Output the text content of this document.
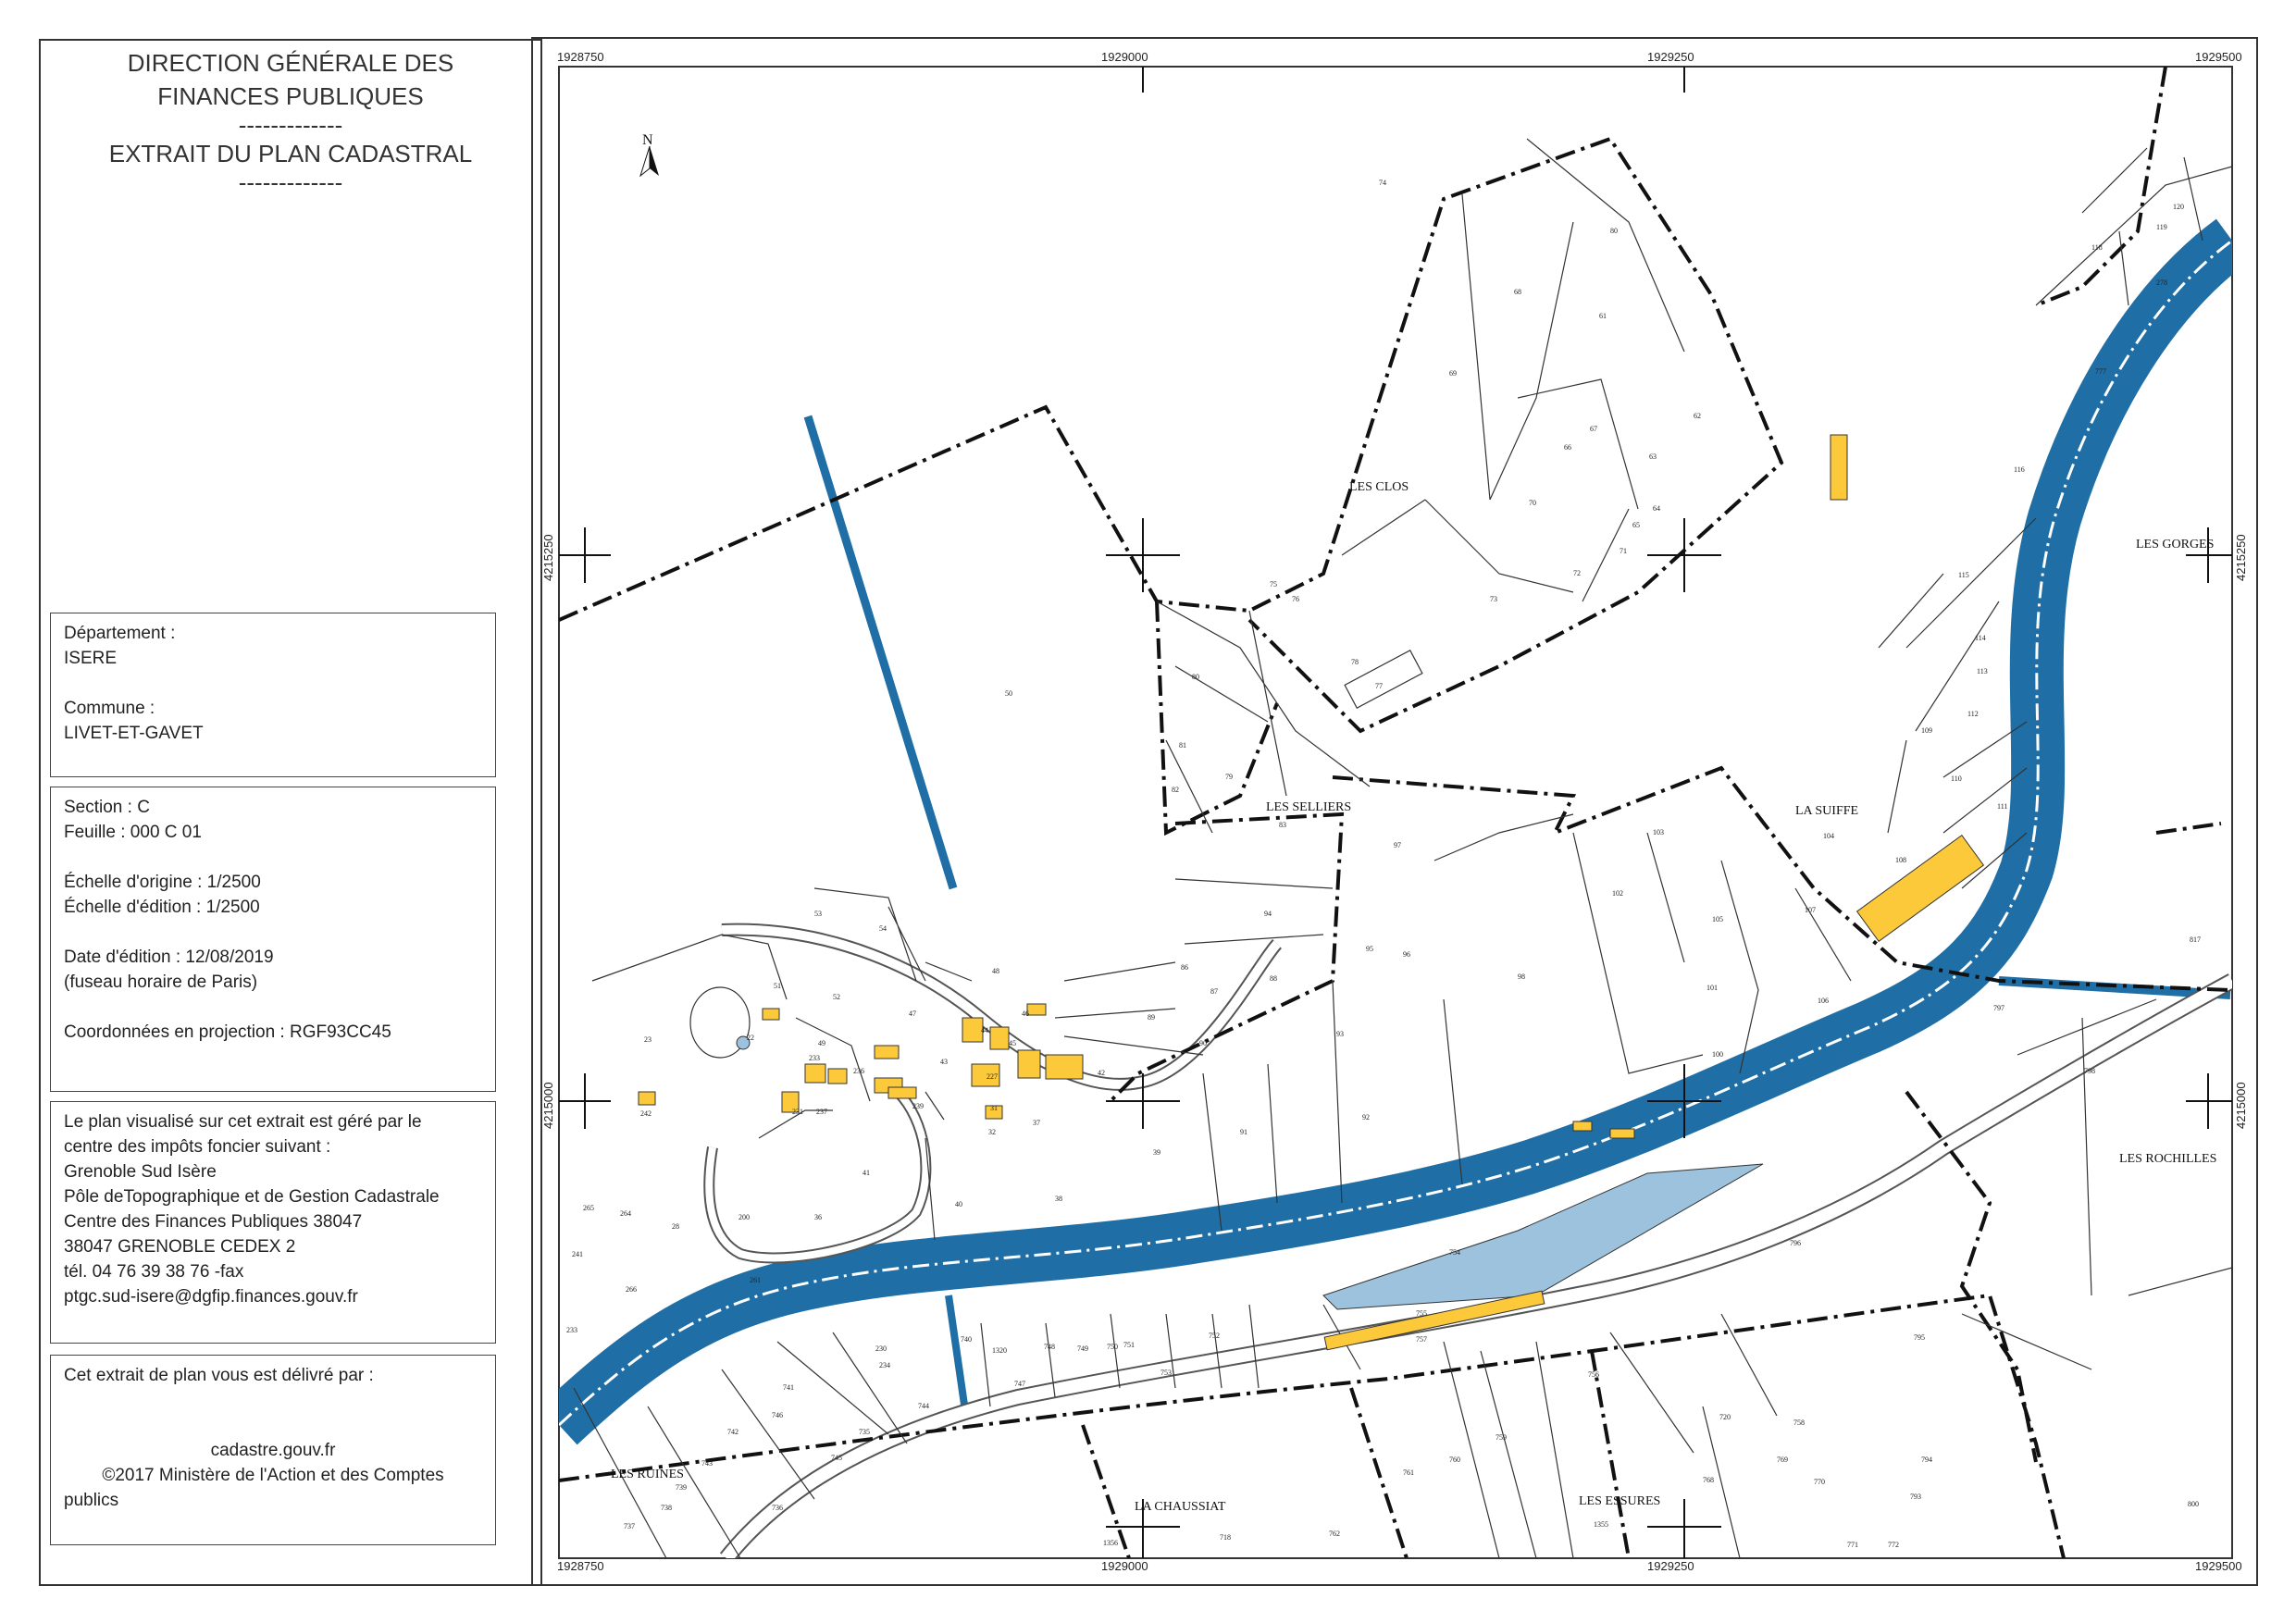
DIRECTION GÉNÉRALE DES
FINANCES PUBLIQUES
-------------
EXTRAIT DU PLAN CADASTRAL
-------------
Département :
ISERE
Commune :
LIVET-ET-GAVET
Section : C
Feuille : 000 C 01
Échelle d'origine : 1/2500
Échelle d'édition : 1/2500
Date d'édition : 12/08/2019
(fuseau horaire de Paris)
Coordonnées en projection : RGF93CC45
Le plan visualisé sur cet extrait est géré par le
centre des impôts foncier suivant :
Grenoble Sud Isère
Pôle deTopographique et de Gestion Cadastrale
Centre des Finances Publiques 38047
38047 GRENOBLE CEDEX 2
tél. 04 76 39 38 76 -fax
ptgc.sud-isere@dgfip.finances.gouv.fr
Cet extrait de plan vous est délivré par :
cadastre.gouv.fr
©2017 Ministère de l'Action et des Comptes
publics
1928750	1929000	1929250	1929500
1928750	1929000	1929250	1929500
4215250
4215000
4215250
4215000
N
LES CLOS
LES SELLIERS	LA SUIFFE
LES GORGES
LES ROCHILLES
LES RUINES
LA CHAUSSIAT	LES ESSURES
74
80
68
61
69
62
63
66
67
70
64
65
71
72
73
75
76
78
77
50
80
81
82
79
83
97
93
94
95
96
98
87
88
89
90
86
91
92
103
102
105
101
100
104
107
108
106
116
115
114
113
112
110
111
109
817
797
798
796
795
794
793
800
777
118
119
120
278
48
53
54
51
52
47
49
43
44
45
46
42
227
236
233
231 237
239
32
31
37
38
39
40
41
36
200
261
23	22
242
28
265
264
241
233
266
230
234
744
745
746
741
742
743
739
738
737
736
735
740
1320
747
748	749	750 751
752
753
754
755
757
756
720
758
759
760
761
762
718
1356
1355
768
769
770
771	772
